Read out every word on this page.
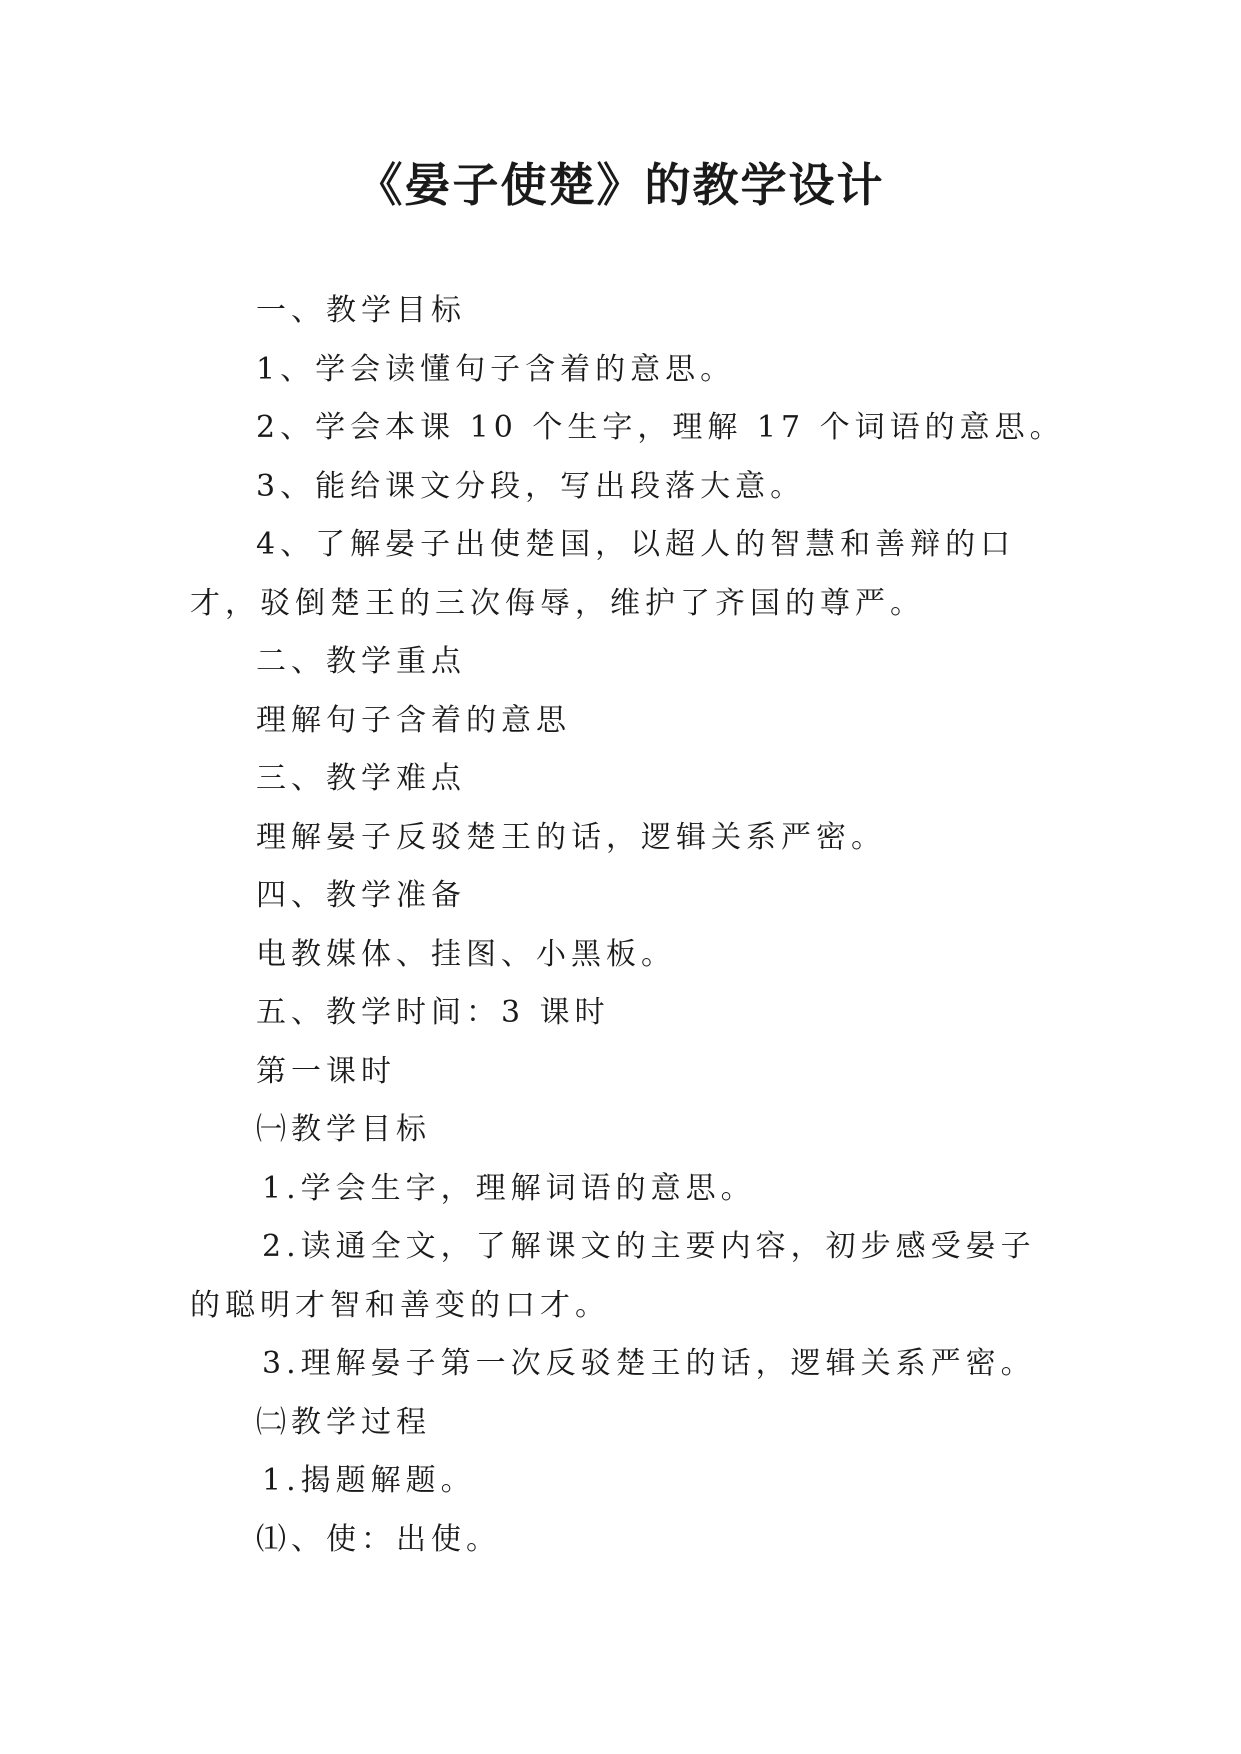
《晏子使楚》的教学设计

一、教学目标

1、学会读懂句子含着的意思。

2、学会本课 10 个生字，理解 17 个词语的意思。

3、能给课文分段，写出段落大意。

4、了解晏子出使楚国，以超人的智慧和善辩的口才，驳倒楚王的三次侮辱，维护了齐国的尊严。

二、教学重点

理解句子含着的意思

三、教学难点

理解晏子反驳楚王的话，逻辑关系严密。

四、教学准备

电教媒体、挂图、小黑板。

五、教学时间：3 课时

第一课时

㈠教学目标

1.学会生字，理解词语的意思。

2.读通全文，了解课文的主要内容，初步感受晏子的聪明才智和善变的口才。

3.理解晏子第一次反驳楚王的话，逻辑关系严密。

㈡教学过程

1.揭题解题。

⑴、使：出使。
